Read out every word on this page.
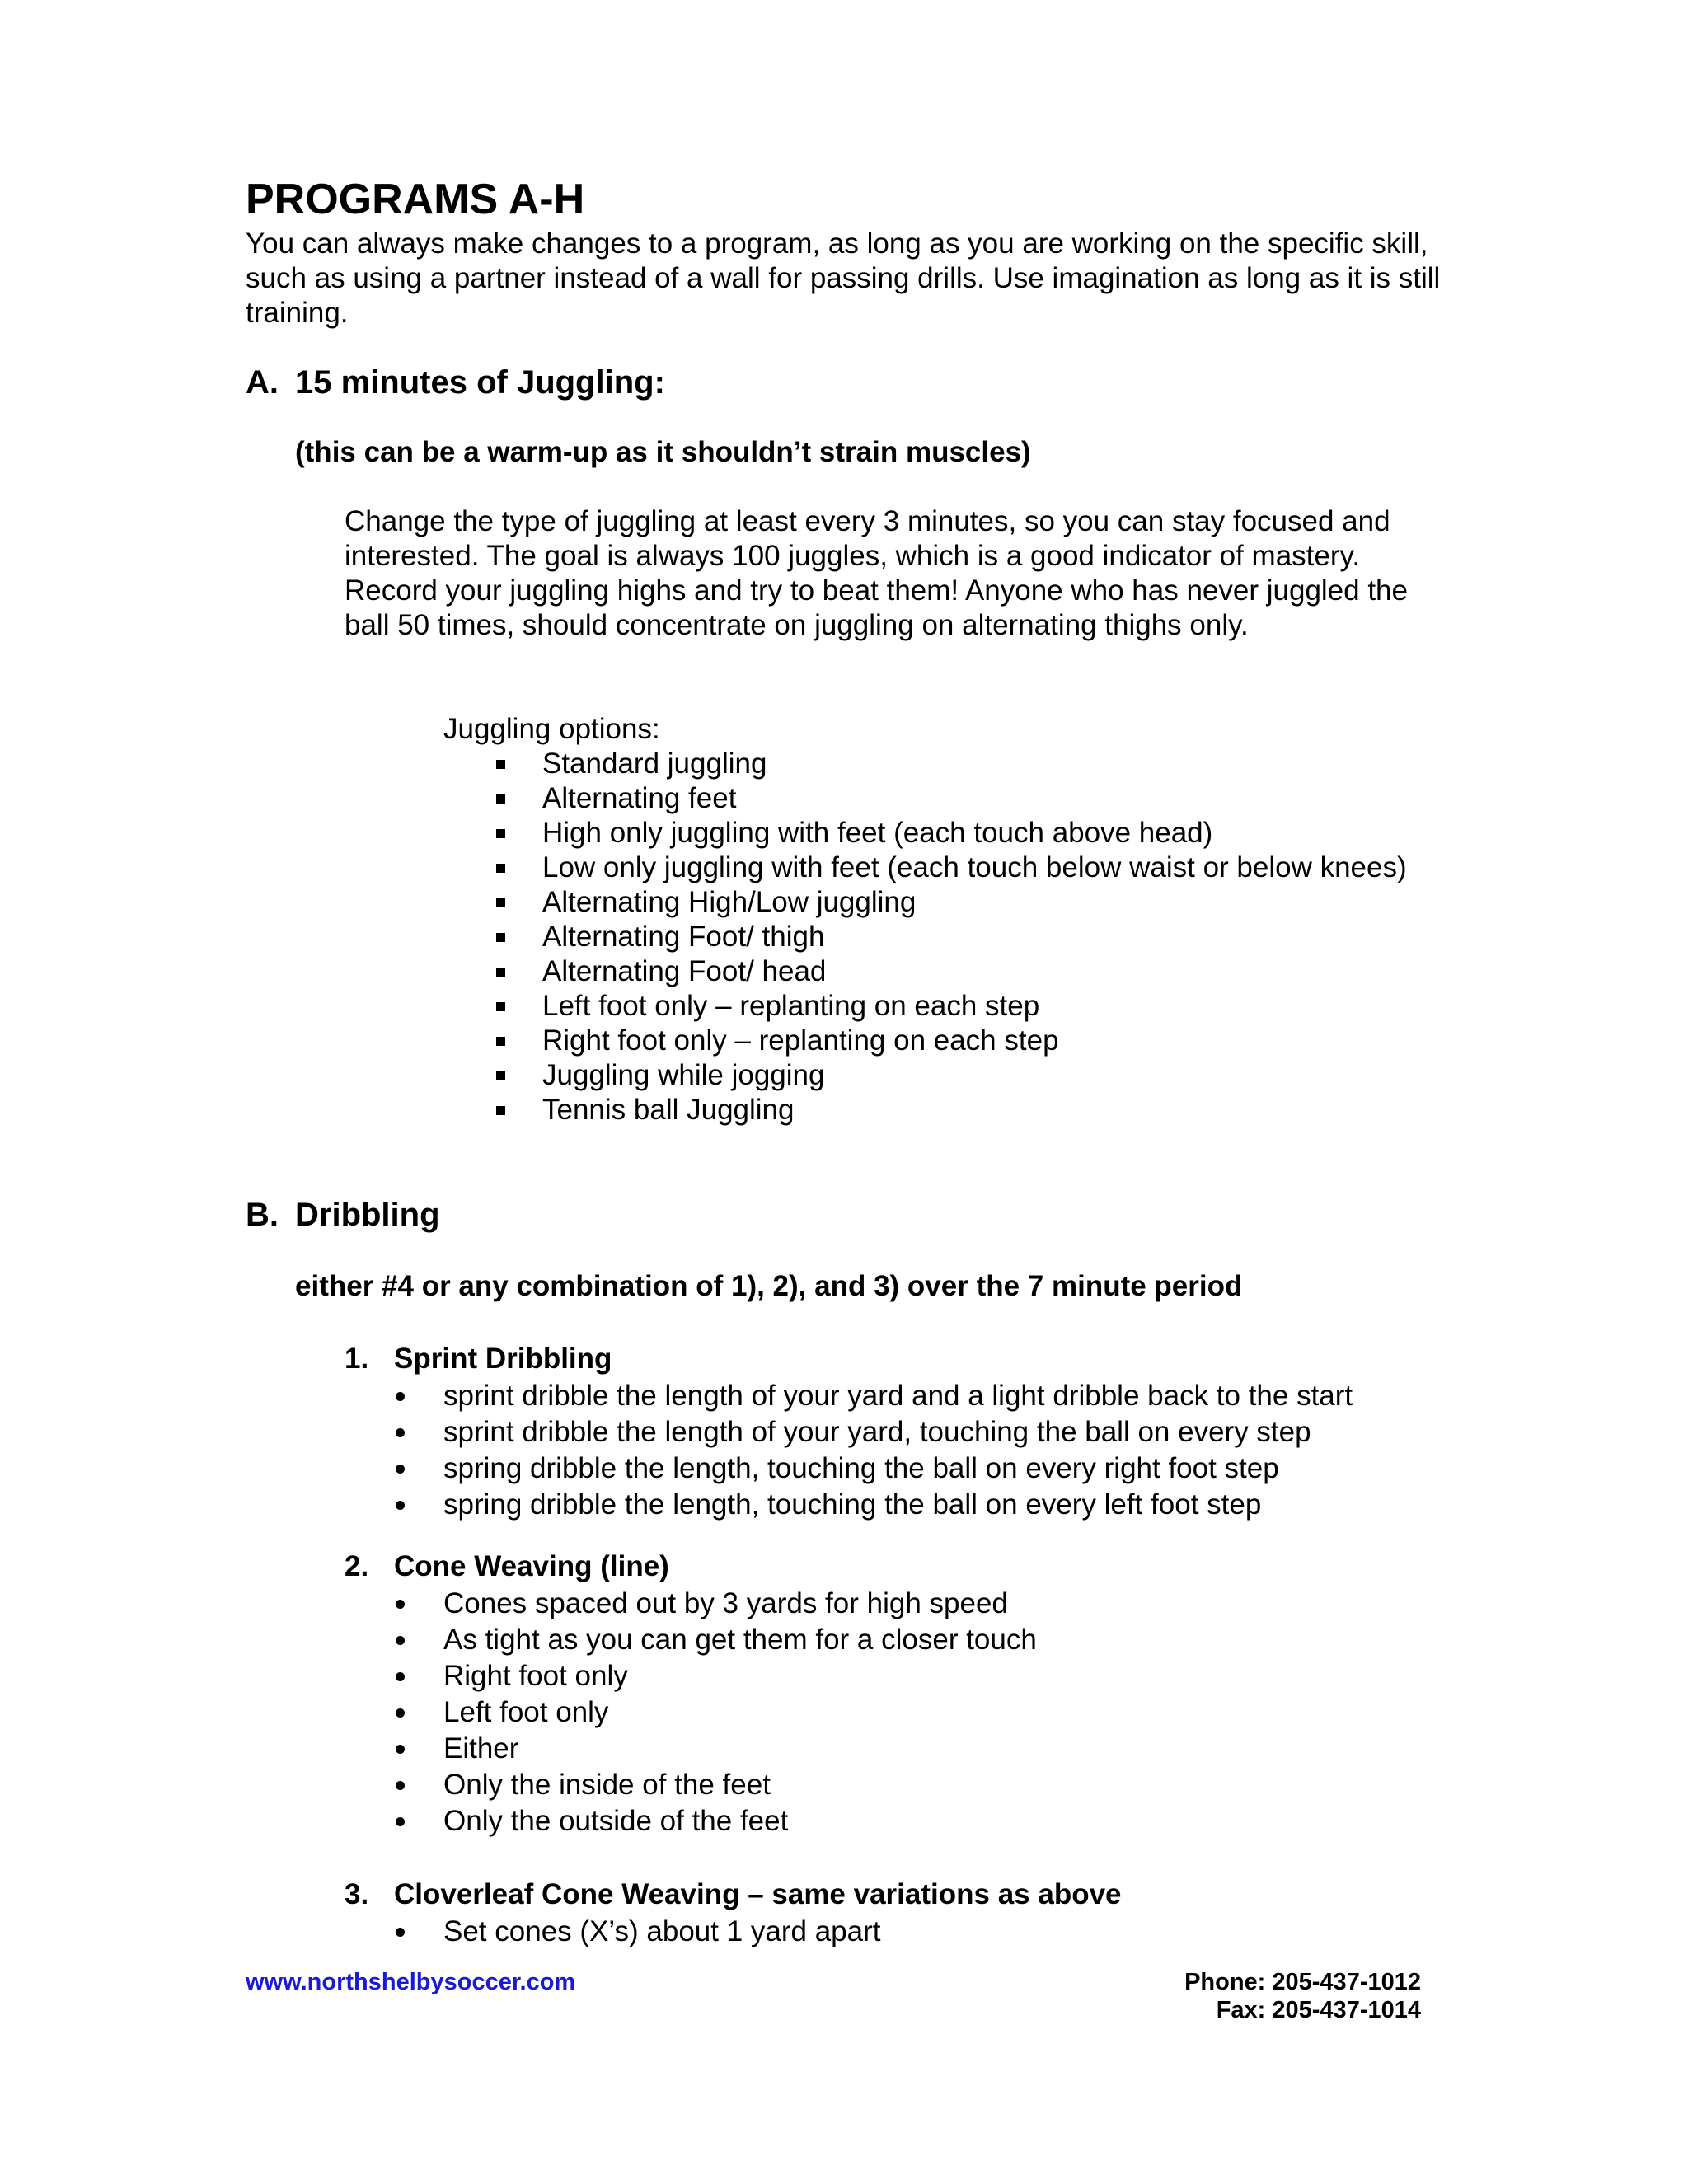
PROGRAMS A-H

You can always make changes to a program, as long as you are working on the specific skill, such as using a partner instead of a wall for passing drills. Use imagination as long as it is still training.

A. 15 minutes of Juggling:

(this can be a warm-up as it shouldn’t strain muscles)

Change the type of juggling at least every 3 minutes, so you can stay focused and interested. The goal is always 100 juggles, which is a good indicator of mastery. Record your juggling highs and try to beat them! Anyone who has never juggled the ball 50 times, should concentrate on juggling on alternating thighs only.

Juggling options:

Standard juggling
Alternating feet
High only juggling with feet (each touch above head)
Low only juggling with feet (each touch below waist or below knees)
Alternating High/Low juggling
Alternating Foot/ thigh
Alternating Foot/ head
Left foot only – replanting on each step
Right foot only – replanting on each step
Juggling while jogging
Tennis ball Juggling
B. Dribbling

either #4 or any combination of 1), 2), and 3) over the 7 minute period

1. Sprint Dribbling

sprint dribble the length of your yard and a light dribble back to the start
sprint dribble the length of your yard, touching the ball on every step
spring dribble the length, touching the ball on every right foot step
spring dribble the length, touching the ball on every left foot step

2. Cone Weaving (line)

Cones spaced out by 3 yards for high speed
As tight as you can get them for a closer touch
Right foot only
Left foot only
Either
Only the inside of the feet
Only the outside of the feet

3. Cloverleaf Cone Weaving – same variations as above

Set cones (X’s) about 1 yard apart
www.northshelbysoccer.com	Phone: 205-437-1012
Fax: 205-437-1014
